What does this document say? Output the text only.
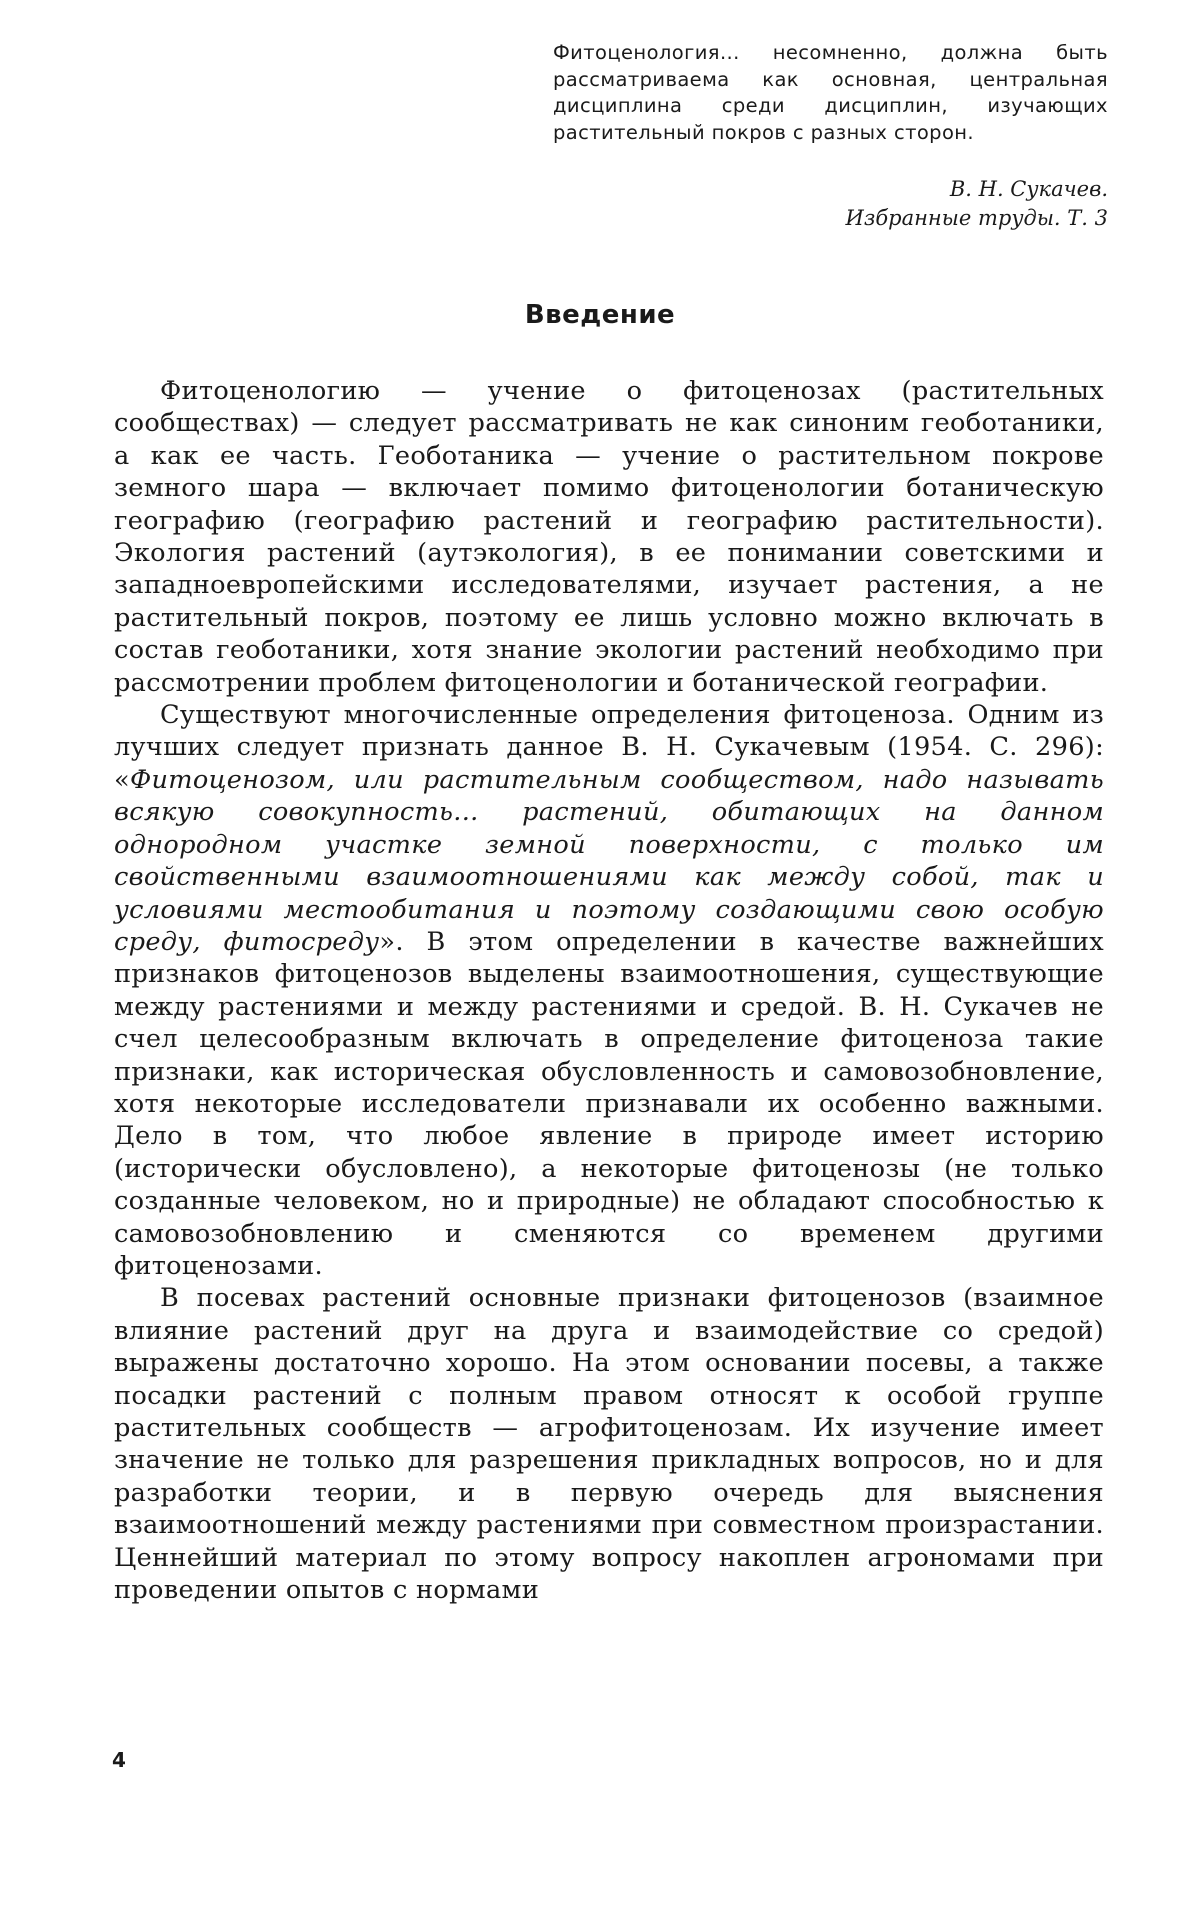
Фитоценология... несомненно, должна быть рассматриваема как основная, центральная дисциплина среди дисциплин, изучающих растительный покров с разных сторон.
В. Н. Сукачев.
Избранные труды. Т. 3
Введение

Фитоценологию — учение о фитоценозах (растительных сообществах) — следует рассматривать не как синоним геоботаники, а как ее часть. Геоботаника — учение о растительном покрове земного шара — включает помимо фитоценологии ботаническую географию (географию растений и географию растительности). Экология растений (аутэкология), в ее понимании советскими и западноевропейскими исследователями, изучает растения, а не растительный покров, поэтому ее лишь условно можно включать в состав геоботаники, хотя знание экологии растений необходимо при рассмотрении проблем фитоценологии и ботанической географии.

Существуют многочисленные определения фитоценоза. Одним из лучших следует признать данное В. Н. Сукачевым (1954. С. 296): «Фитоценозом, или растительным сообществом, надо называть всякую совокупность... растений, обитающих на данном однородном участке земной поверхности, с только им свойственными взаимоотношениями как между собой, так и условиями местообитания и поэтому создающими свою особую среду, фитосреду». В этом определении в качестве важнейших признаков фитоценозов выделены взаимоотношения, существующие между растениями и между растениями и средой. В. Н. Сукачев не счел целесообразным включать в определение фитоценоза такие признаки, как историческая обусловленность и самовозобновление, хотя некоторые исследователи признавали их особенно важными. Дело в том, что любое явление в природе имеет историю (исторически обусловлено), а некоторые фитоценозы (не только созданные человеком, но и природные) не обладают способностью к самовозобновлению и сменяются со временем другими фитоценозами.

В посевах растений основные признаки фитоценозов (взаимное влияние растений друг на друга и взаимодействие со средой) выражены достаточно хорошо. На этом основании посевы, а также посадки растений с полным правом относят к особой группе растительных сообществ — агрофитоценозам. Их изучение имеет значение не только для разрешения прикладных вопросов, но и для разработки теории, и в первую очередь для выяснения взаимоотношений между растениями при совместном произрастании. Ценнейший материал по этому вопросу накоплен агрономами при проведении опытов с нормами

4
